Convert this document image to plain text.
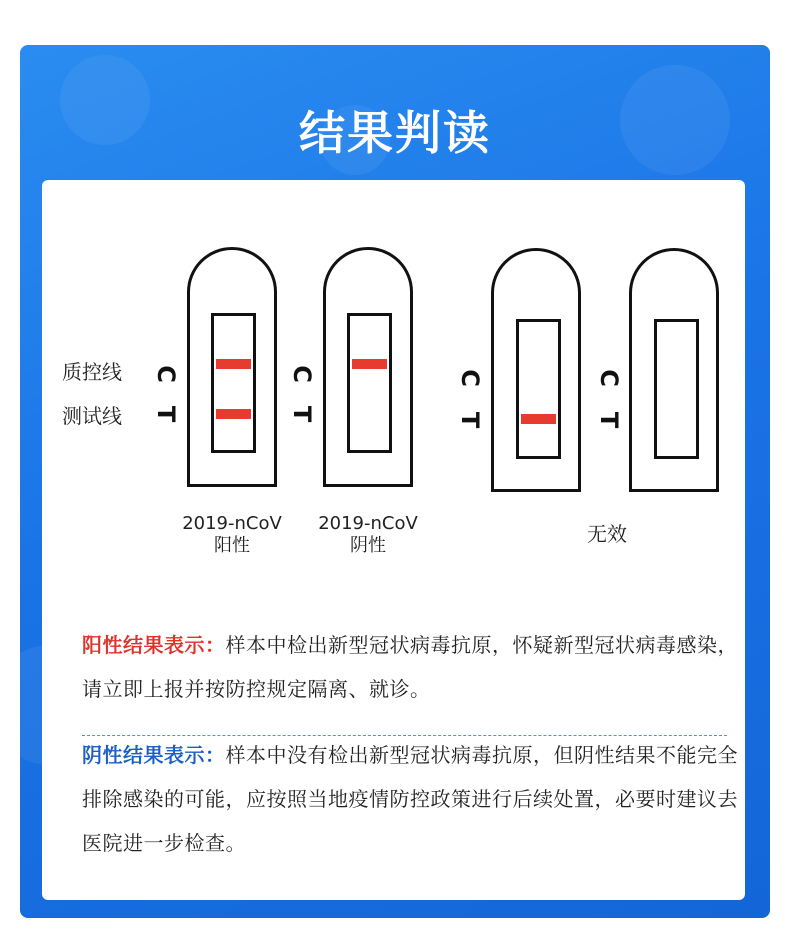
结果判读
质控线
测试线
C
T
2019-nCoV
阳性
C
T
2019-nCoV
阴性
C
T
C
T
无效
阳性结果表示：样本中检出新型冠状病毒抗原，怀疑新型冠状病毒感染，请立即上报并按防控规定隔离、就诊。
阴性结果表示：样本中没有检出新型冠状病毒抗原，但阴性结果不能完全排除感染的可能，应按照当地疫情防控政策进行后续处置，必要时建议去医院进一步检查。
